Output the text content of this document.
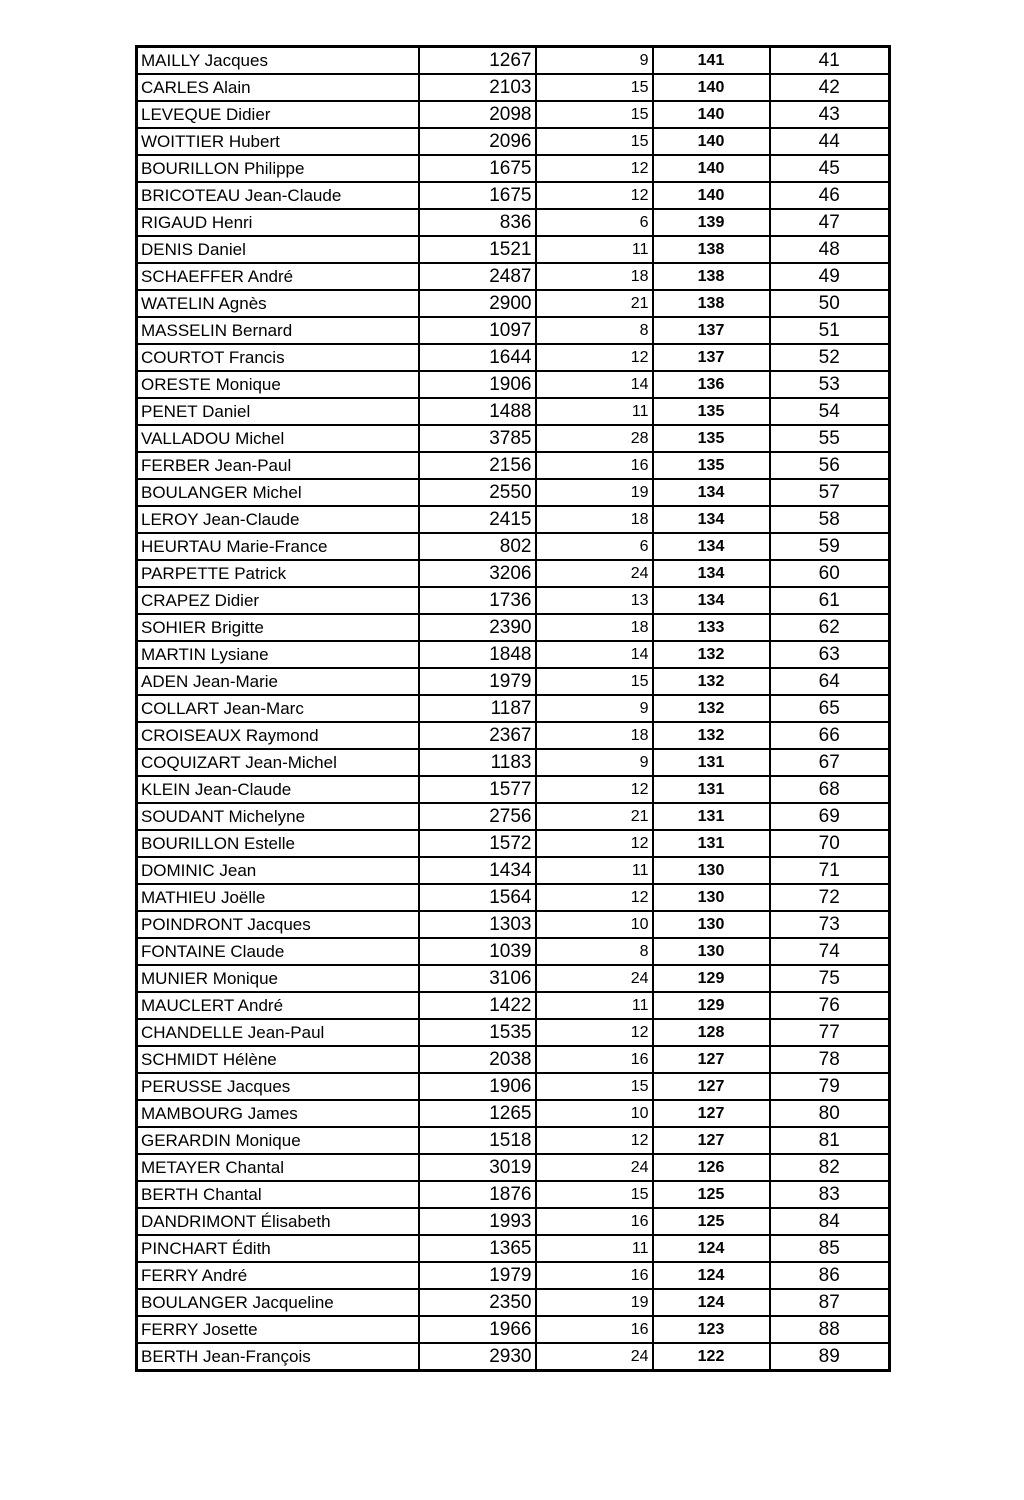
MAILLY Jacques	1267	9	141	41
CARLES Alain	2103	15	140	42
LEVEQUE Didier	2098	15	140	43
WOITTIER Hubert	2096	15	140	44
BOURILLON Philippe	1675	12	140	45
BRICOTEAU Jean-Claude	1675	12	140	46
RIGAUD Henri	836	6	139	47
DENIS Daniel	1521	11	138	48
SCHAEFFER André	2487	18	138	49
WATELIN Agnès	2900	21	138	50
MASSELIN Bernard	1097	8	137	51
COURTOT Francis	1644	12	137	52
ORESTE Monique	1906	14	136	53
PENET Daniel	1488	11	135	54
VALLADOU Michel	3785	28	135	55
FERBER Jean-Paul	2156	16	135	56
BOULANGER Michel	2550	19	134	57
LEROY Jean-Claude	2415	18	134	58
HEURTAU Marie-France	802	6	134	59
PARPETTE Patrick	3206	24	134	60
CRAPEZ Didier	1736	13	134	61
SOHIER Brigitte	2390	18	133	62
MARTIN Lysiane	1848	14	132	63
ADEN Jean-Marie	1979	15	132	64
COLLART Jean-Marc	1187	9	132	65
CROISEAUX Raymond	2367	18	132	66
COQUIZART Jean-Michel	1183	9	131	67
KLEIN Jean-Claude	1577	12	131	68
SOUDANT Michelyne	2756	21	131	69
BOURILLON Estelle	1572	12	131	70
DOMINIC Jean	1434	11	130	71
MATHIEU Joëlle	1564	12	130	72
POINDRONT Jacques	1303	10	130	73
FONTAINE Claude	1039	8	130	74
MUNIER Monique	3106	24	129	75
MAUCLERT André	1422	11	129	76
CHANDELLE Jean-Paul	1535	12	128	77
SCHMIDT Hélène	2038	16	127	78
PERUSSE Jacques	1906	15	127	79
MAMBOURG James	1265	10	127	80
GERARDIN Monique	1518	12	127	81
METAYER Chantal	3019	24	126	82
BERTH Chantal	1876	15	125	83
DANDRIMONT Élisabeth	1993	16	125	84
PINCHART Édith	1365	11	124	85
FERRY André	1979	16	124	86
BOULANGER Jacqueline	2350	19	124	87
FERRY Josette	1966	16	123	88
BERTH Jean-François	2930	24	122	89
